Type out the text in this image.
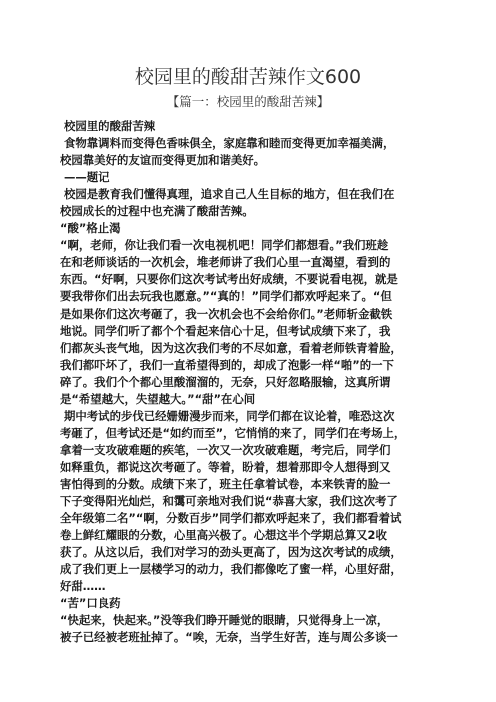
校园里的酸甜苦辣作文600
【篇一：校园里的酸甜苦辣】
校园里的酸甜苦辣
食物靠调料而变得色香味俱全，家庭靠和睦而变得更加幸福美满，
校园靠美好的友谊而变得更加和谐美好。
——题记
校园是教育我们懂得真理，追求自己人生目标的地方，但在我们在
校园成长的过程中也充满了酸甜苦辣。
“酸”格止渴
“啊，老师，你让我们看一次电视机吧！同学们都想看。”我们班趁
在和老师谈话的一次机会，堆老师讲了我们心里一直渴望，看到的
东西。“好啊，只要你们这次考试考出好成绩，不要说看电视，就是
要我带你们出去玩我也愿意。”“真的！”同学们都欢呼起来了。“但
是如果你们这次考砸了，我一次机会也不会给你们。”老师斩金截铁
地说。同学们听了都个个看起来信心十足，但考试成绩下来了，我
们都灰头丧气地，因为这次我们考的不尽如意，看着老师铁青着脸，
我们都吓坏了，我们一直希望得到的，却成了泡影一样“啪”的一下
碎了。我们个个都心里酸溜溜的，无奈，只好忽略服输，这真所谓
是“希望越大，失望越大。”“甜”在心间
期中考试的步伐已经姗姗漫步而来，同学们都在议论着，唯恐这次
考砸了，但考试还是“如约而至”，它悄悄的来了，同学们在考场上，
拿着一支攻破难题的疾笔，一次又一次攻破难题，考完后，同学们
如释重负，都说这次考砸了。等着，盼着，想着那即令人想得到又
害怕得到的分数。成绩下来了，班主任拿着试卷，本来铁青的脸一
下子变得阳光灿烂，和霭可亲地对我们说“恭喜大家，我们这次考了
全年级第二名”“啊，分数百步”同学们都欢呼起来了，我们都看着试
卷上鲜红耀眼的分数，心里高兴极了。心想这半个学期总算又2收
获了。从这以后，我们对学习的劲头更高了，因为这次考试的成绩，
成了我们更上一层楼学习的动力，我们都像吃了蜜一样，心里好甜，
好甜……
“苦”口良药
“快起来，快起来。”没等我们睁开睡觉的眼睛，只觉得身上一凉，
被子已经被老班扯掉了。“唉，无奈，当学生好苦，连与周公多谈一
